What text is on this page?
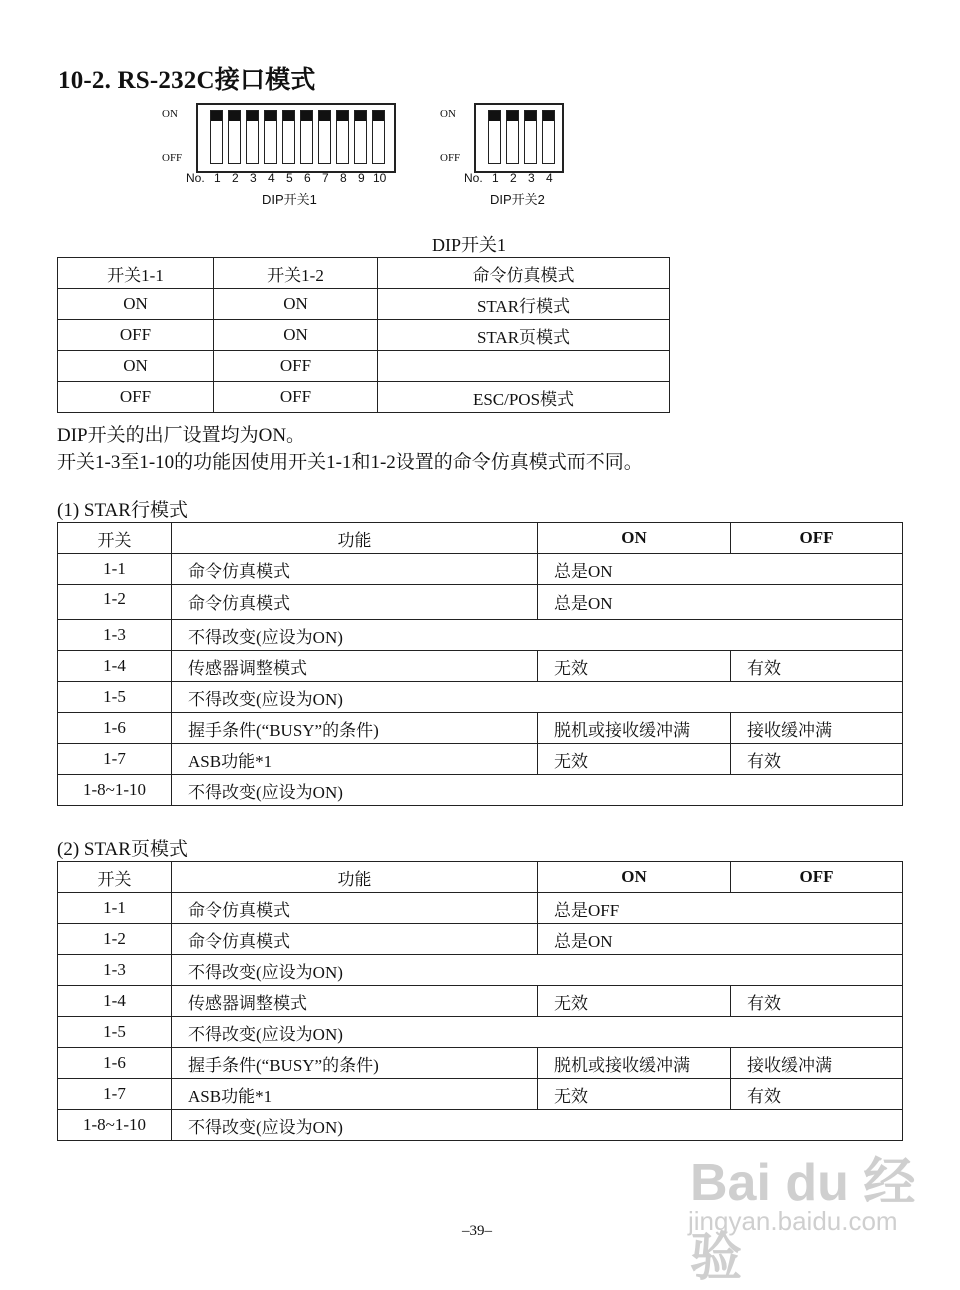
10-2. RS-232C接口模式
ON
OFF
No. 1 2 3 4 5 6 7 8 9 10
DIP开关1
ON
OFF
No. 1 2 3 4
DIP开关2
DIP开关1
开关1-1	开关1-2	命令仿真模式
ON	ON	STAR行模式
OFF	ON	STAR页模式
ON	OFF	
OFF	OFF	ESC/POS模式
DIP开关的出厂设置均为ON。
开关1-3至1-10的功能因使用开关1-1和1-2设置的命令仿真模式而不同。
(1) STAR行模式
开关	功能	ON	OFF
1-1	命令仿真模式	总是ON	
1-2	命令仿真模式	总是ON	
1-3	不得改变(应设为ON)		
1-4	传感器调整模式	无效	有效
1-5	不得改变(应设为ON)		
1-6	握手条件(“BUSY”的条件)	脱机或接收缓冲满	接收缓冲满
1-7	ASB功能*1	无效	有效
1-8~1-10	不得改变(应设为ON)		
(2) STAR页模式
开关	功能	ON	OFF
1-1	命令仿真模式	总是OFF	
1-2	命令仿真模式	总是ON	
1-3	不得改变(应设为ON)		
1-4	传感器调整模式	无效	有效
1-5	不得改变(应设为ON)		
1-6	握手条件(“BUSY”的条件)	脱机或接收缓冲满	接收缓冲满
1-7	ASB功能*1	无效	有效
1-8~1-10	不得改变(应设为ON)		
Bai du 经验
jingyan.baidu.com
–39–
